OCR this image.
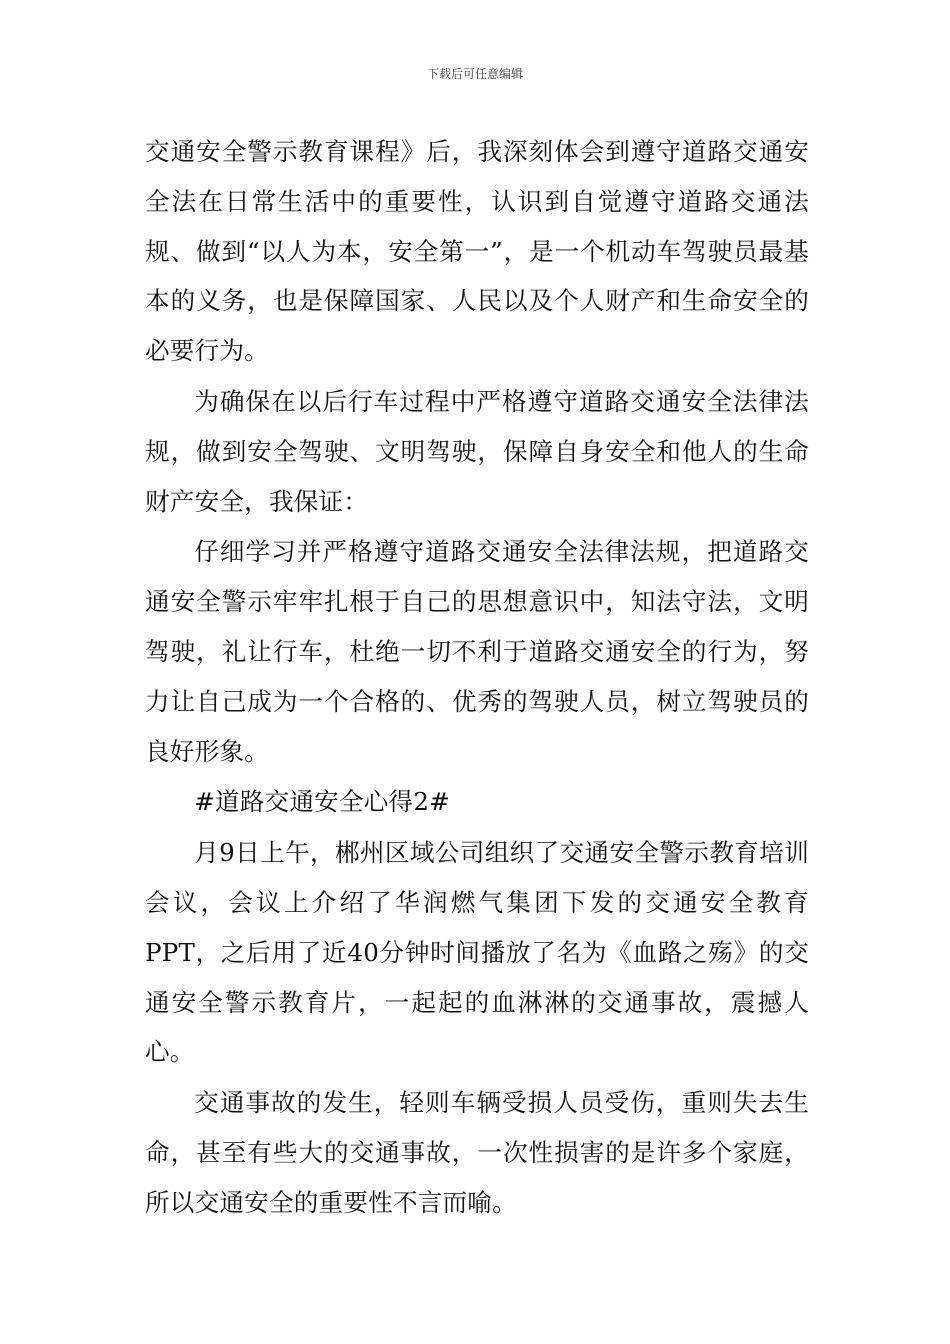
下载后可任意编辑

交通安全警示教育课程》后，我深刻体会到遵守道路交通安全法在日常生活中的重要性，认识到自觉遵守道路交通法规、做到“以人为本，安全第一”，是一个机动车驾驶员最基本的义务，也是保障国家、人民以及个人财产和生命安全的必要行为。

为确保在以后行车过程中严格遵守道路交通安全法律法规，做到安全驾驶、文明驾驶，保障自身安全和他人的生命财产安全，我保证：

仔细学习并严格遵守道路交通安全法律法规，把道路交通安全警示牢牢扎根于自己的思想意识中，知法守法，文明驾驶，礼让行车，杜绝一切不利于道路交通安全的行为，努力让自己成为一个合格的、优秀的驾驶人员，树立驾驶员的良好形象。

#道路交通安全心得2#

月9日上午，郴州区域公司组织了交通安全警示教育培训会议，会议上介绍了华润燃气集团下发的交通安全教育PPT，之后用了近40分钟时间播放了名为《血路之殇》的交通安全警示教育片，一起起的血淋淋的交通事故，震撼人心。

交通事故的发生，轻则车辆受损人员受伤，重则失去生命，甚至有些大的交通事故，一次性损害的是许多个家庭，所以交通安全的重要性不言而喻。
